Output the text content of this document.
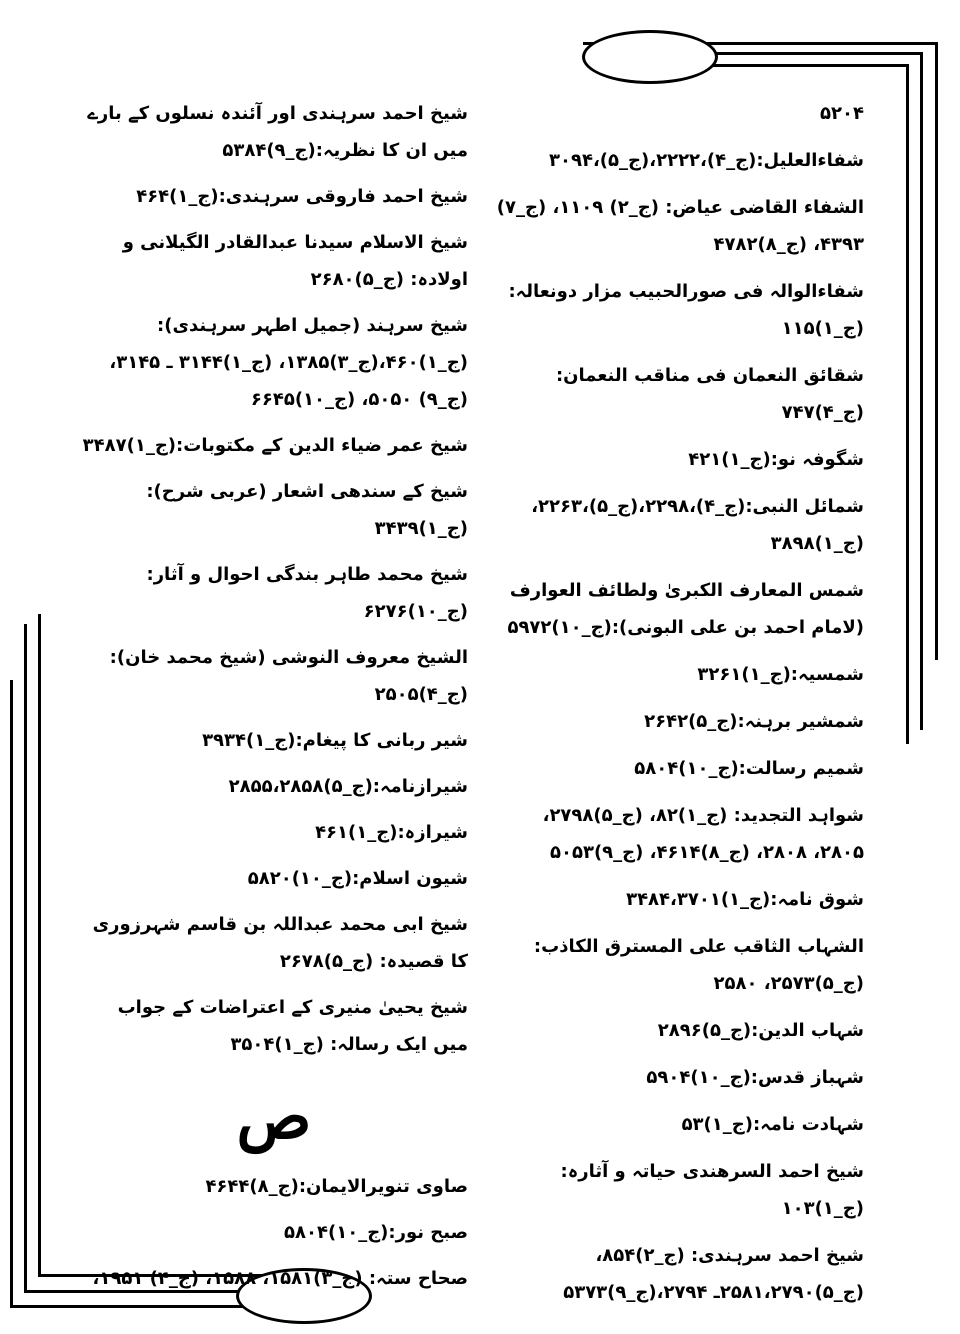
۵۲۰۴
شفاءالعلیل:(ج_۴)،۲۲۲۲،(ج_۵)،۳۰۹۴
الشفاء القاضی عیاض: (ج_۲) ۱۱۰۹، (ج_۷) ۴۳۹۳، (ج_۸)۴۷۸۲
شفاءالوالہ فی صورالحبیب مزار دونعالہ:(ج_۱)۱۱۵
شقائق النعمان فی مناقب النعمان:(ج_۴)۷۴۷
شگوفہ نو:(ج_۱)۴۲۱
شمائل النبی:(ج_۴)،۲۲۹۸،(ج_۵)،۲۲۶۳،(ج_۱)۳۸۹۸
شمس المعارف الکبریٰ ولطائف العوارف (لامام احمد بن علی البونی):(ج_۱۰)۵۹۷۲
شمسیہ:(ج_۱)۳۲۶۱
شمشیر برہنہ:(ج_۵)۲۶۴۲
شمیم رسالت:(ج_۱۰)۵۸۰۴
شواہد التجدید: (ج_۱)۸۲، (ج_۵)۲۷۹۸، ۲۸۰۵، ۲۸۰۸، (ج_۸)۴۶۱۴، (ج_۹)۵۰۵۳
شوق نامہ:(ج_۱)۳۴۸۴،۳۷۰۱
الشہاب الثاقب علی المسترق الکاذب: (ج_۵)۲۵۷۳، ۲۵۸۰
شہاب الدین:(ج_۵)۲۸۹۶
شہباز قدس:(ج_۱۰)۵۹۰۴
شہادت نامہ:(ج_۱)۵۳
شیخ احمد السرھندی حیاتہ و آثارہ:(ج_۱)۱۰۳
شیخ احمد سرہندی: (ج_۲)۸۵۴،(ج_۵)۲۵۸۱،۲۷۹۰ـ ۲۷۹۴،(ج_۹)۵۳۷۳
شیخ احمد سرہندی اور آئندہ نسلوں کے بارے میں ان کا نظریہ:(ج_۹)۵۳۸۴
شیخ احمد فاروقی سرہندی:(ج_۱)۴۶۴
شیخ الاسلام سیدنا عبدالقادر الگیلانی و اولادہ: (ج_۵)۲۶۸۰
شیخ سرہند (جمیل اطہر سرہندی): (ج_۱)۴۶۰،(ج_۳)۱۳۸۵، (ج_۱)۳۱۴۴ ـ ۳۱۴۵، (ج_۹) ۵۰۵۰، (ج_۱۰)۶۶۴۵
شیخ عمر ضیاء الدین کے مکتوبات:(ج_۱)۳۴۸۷
شیخ کے سندھی اشعار (عربی شرح):(ج_۱)۳۴۳۹
شیخ محمد طاہر بندگی احوال و آثار:(ج_۱۰)۶۲۷۶
الشیخ معروف النوشی (شیخ محمد خان): (ج_۴)۲۵۰۵
شیر ربانی کا پیغام:(ج_۱)۳۹۳۴
شیرازنامہ:(ج_۵)۲۸۵۵،۲۸۵۸
شیرازہ:(ج_۱)۴۶۱
شیون اسلام:(ج_۱۰)۵۸۲۰
شیخ ابی محمد عبداللہ بن قاسم شہرزوری کا قصیدہ: (ج_۵)۲۶۷۸
شیخ یحییٰ منیری کے اعتراضات کے جواب میں ایک رسالہ: (ج_۱)۳۵۰۴
ص
صاوی تنویرالایمان:(ج_۸)۴۶۴۴
صبح نور:(ج_۱۰)۵۸۰۴
صحاح ستہ: (ج_۳)۱۵۸۱، ۱۵۸۸، (ج_۴) ۱۹۵۱،
